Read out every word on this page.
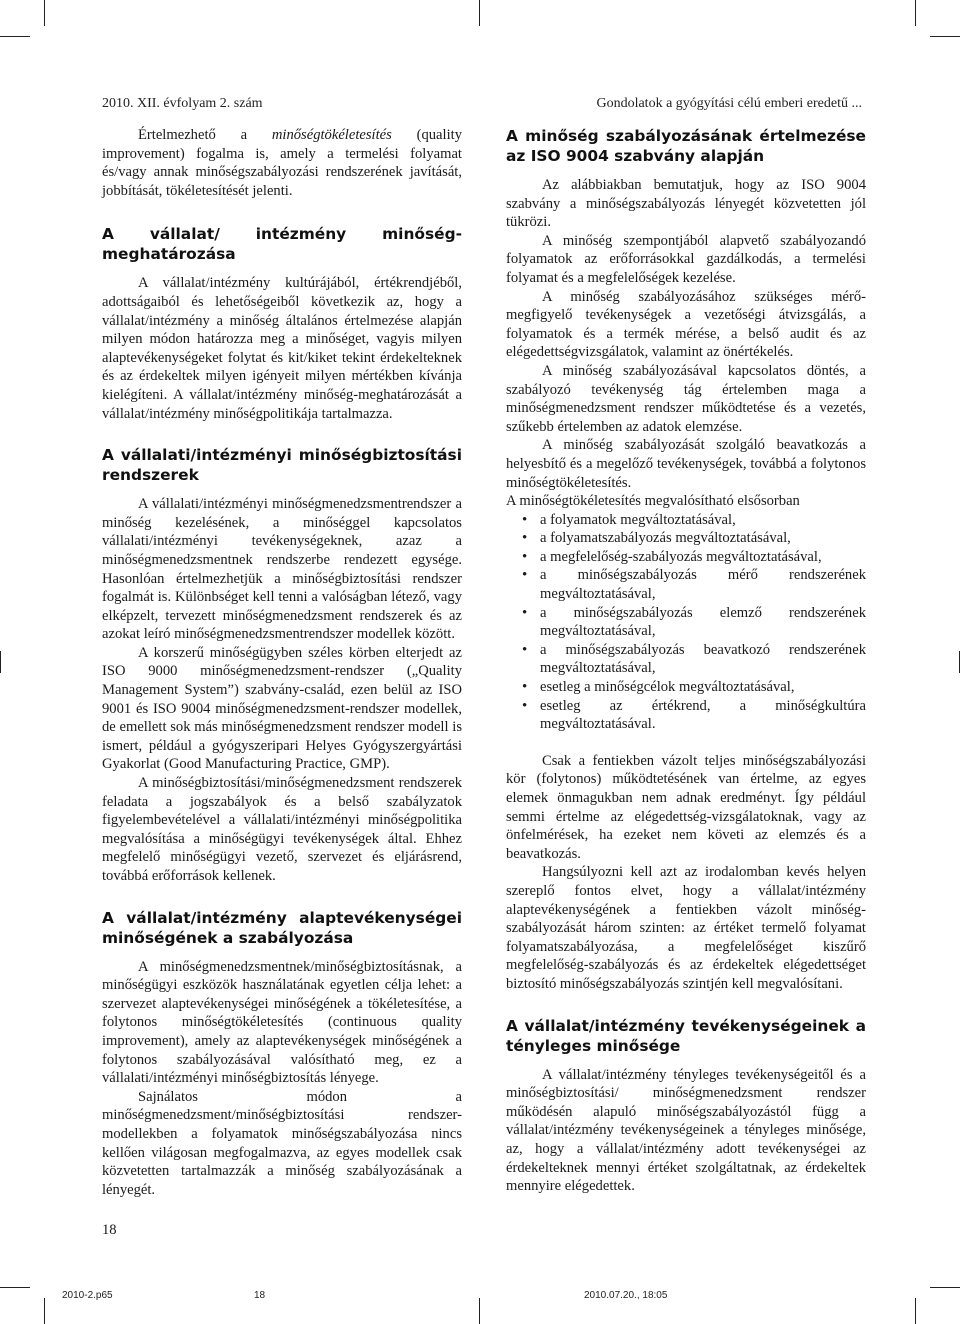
2010. XII. évfolyam 2. szám	Gondolatok a gyógyítási célú emberi eredetű ...

Értelmezhető a minőségtökéletesítés (quality improvement) fogalma is, amely a termelési folyamat és/vagy annak minőségszabályozási rendszerének javítását, jobbítását, tökéletesítését jelenti.

A vállalat/ intézmény minőség-meghatározása

A vállalat/intézmény kultúrájából, értékrendjéből, adottságaiból és lehetőségeiből következik az, hogy a vállalat/intézmény a minőség általános értelmezése alapján milyen módon határozza meg a minőséget, vagyis milyen alaptevékenységeket folytat és kit/kiket tekint érdekelteknek és az érdekeltek milyen igényeit milyen mértékben kívánja kielégíteni. A vállalat/intézmény minőség-meghatározását a vállalat/intézmény minőségpolitikája tartalmazza.

A vállalati/intézményi minőségbiztosítási rendszerek

A vállalati/intézményi minőségmenedzsmentrendszer a minőség kezelésének, a minőséggel kapcsolatos vállalati/intézményi tevékenységeknek, azaz a minőségmenedzsmentnek rendszerbe rendezett egysége. Hasonlóan értelmezhetjük a minőségbiztosítási rendszer fogalmát is. Különbséget kell tenni a valóságban létező, vagy elképzelt, tervezett minőségmenedzsment rendszerek és az azokat leíró minőségmenedzsmentrendszer modellek között.

A korszerű minőségügyben széles körben elterjedt az ISO 9000 minőségmenedzsment-rendszer („Quality Management System”) szabvány-család, ezen belül az ISO 9001 és ISO 9004 minőségmenedzsment-rendszer modellek, de emellett sok más minőségmenedzsment rendszer modell is ismert, például a gyógyszeripari Helyes Gyógyszergyártási Gyakorlat (Good Manufacturing Practice, GMP).

A minőségbiztosítási/minőségmenedzsment rendszerek feladata a jogszabályok és a belső szabályzatok figyelembevételével a vállalati/intézményi minőségpolitika megvalósítása a minőségügyi tevékenységek által. Ehhez megfelelő minőségügyi vezető, szervezet és eljárásrend, továbbá erőforrások kellenek.

A vállalat/intézmény alaptevékenységei minőségének a szabályozása

A minőségmenedzsmentnek/minőségbiztosításnak, a minőségügyi eszközök használatának egyetlen célja lehet: a szervezet alaptevékenységei minőségének a tökéletesítése, a folytonos minőségtökéletesítés (continuous quality improvement), amely az alaptevékenységek minőségének a folytonos szabályozásával valósítható meg, ez a vállalati/intézményi minőségbiztosítás lényege.

Sajnálatos módon a minőségmenedzsment/minőségbiztosítási rendszer-modellekben a folyamatok minőségszabályozása nincs kellően világosan megfogalmazva, az egyes modellek csak közvetetten tartalmazzák a minőség szabályozásának a lényegét.

A minőség szabályozásának értelmezése az ISO 9004 szabvány alapján

Az alábbiakban bemutatjuk, hogy az ISO 9004 szabvány a minőségszabályozás lényegét közvetetten jól tükrözi.

A minőség szempontjából alapvető szabályozandó folyamatok az erőforrásokkal gazdálkodás, a termelési folyamat és a megfelelőségek kezelése.

A minőség szabályozásához szükséges mérő-megfigyelő tevékenységek a vezetőségi átvizsgálás, a folyamatok és a termék mérése, a belső audit és az elégedettségvizsgálatok, valamint az önértékelés.

A minőség szabályozásával kapcsolatos döntés, a szabályozó tevékenység tág értelemben maga a minőségmenedzsment rendszer működtetése és a vezetés, szűkebb értelemben az adatok elemzése.

A minőség szabályozását szolgáló beavatkozás a helyesbítő és a megelőző tevékenységek, továbbá a folytonos minőségtökéletesítés.

A minőségtökéletesítés megvalósítható elsősorban

• a folyamatok megváltoztatásával,
• a folyamatszabályozás megváltoztatásával,
• a megfelelőség-szabályozás megváltoztatásával,
• a minőségszabályozás mérő rendszerének megváltoztatásával,
• a minőségszabályozás elemző rendszerének megváltoztatásával,
• a minőségszabályozás beavatkozó rendszerének megváltoztatásával,
• esetleg a minőségcélok megváltoztatásával,
• esetleg az értékrend, a minőségkultúra megváltoztatásával.

Csak a fentiekben vázolt teljes minőségszabályozási kör (folytonos) működtetésének van értelme, az egyes elemek önmagukban nem adnak eredményt. Így például semmi értelme az elégedettség-vizsgálatoknak, vagy az önfelmérések, ha ezeket nem követi az elemzés és a beavatkozás.

Hangsúlyozni kell azt az irodalomban kevés helyen szereplő fontos elvet, hogy a vállalat/intézmény alaptevékenységének a fentiekben vázolt minőség-szabályozását három szinten: az értéket termelő folyamat folyamatszabályozása, a megfelelőséget kiszűrő megfelelőség-szabályozás és az érdekeltek elégedettséget biztosító minőségszabályozás szintjén kell megvalósítani.

A vállalat/intézmény tevékenységeinek a tényleges minősége

A vállalat/intézmény tényleges tevékenységeitől és a minőségbiztosítási/ minőségmenedzsment rendszer működésén alapuló minőségszabályozástól függ a vállalat/intézmény tevékenységeinek a tényleges minősége, az, hogy a vállalat/intézmény adott tevékenységei az érdekelteknek mennyi értéket szolgáltatnak, az érdekeltek mennyire elégedettek.

18
2010-2.p65	18	2010.07.20., 18:05
